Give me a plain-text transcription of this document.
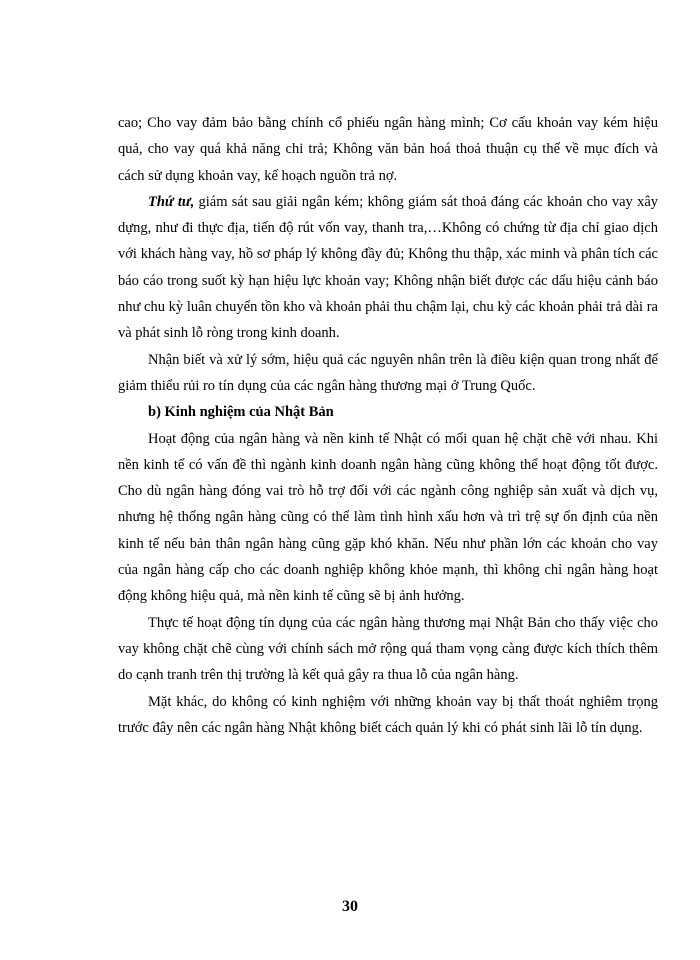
cao; Cho vay đảm bảo bằng chính cổ phiếu ngân hàng mình; Cơ cấu khoản vay kém hiệu quả, cho vay quá khả năng chi trả; Không văn bản hoá thoả thuận cụ thể về mục đích và cách sử dụng khoản vay, kế hoạch nguồn trả nợ.

Thứ tư, giám sát sau giải ngân kém; không giám sát thoả đáng các khoản cho vay xây dựng, như đi thực địa, tiến độ rút vốn vay, thanh tra,…Không có chứng từ địa chỉ giao dịch với khách hàng vay, hồ sơ pháp lý không đầy đủ; Không thu thập, xác minh và phân tích các báo cáo trong suốt kỳ hạn hiệu lực khoản vay; Không nhận biết được các dấu hiệu cảnh báo như chu kỳ luân chuyển tồn kho và khoản phải thu chậm lại, chu kỳ các khoản phải trả dài ra và phát sinh lỗ ròng trong kinh doanh.

Nhận biết và xử lý sớm, hiệu quả các nguyên nhân trên là điều kiện quan trong nhất để giảm thiểu rủi ro tín dụng của các ngân hàng thương mại ở Trung Quốc.

b) Kinh nghiệm của Nhật Bản

Hoạt động của ngân hàng và nền kinh tế Nhật có mối quan hệ chặt chẽ với nhau. Khi nền kinh tế có vấn đề thì ngành kinh doanh ngân hàng cũng không thể hoạt động tốt được. Cho dù ngân hàng đóng vai trò hỗ trợ đối với các ngành công nghiệp sản xuất và dịch vụ, nhưng hệ thống ngân hàng cũng có thể làm tình hình xấu hơn và trì trệ sự ổn định của nền kinh tế nếu bản thân ngân hàng cũng gặp khó khăn. Nếu như phần lớn các khoản cho vay của ngân hàng cấp cho các doanh nghiệp không khỏe mạnh, thì không chỉ ngân hàng hoạt động không hiệu quả, mà nền kinh tế cũng sẽ bị ảnh hưởng.

Thực tế hoạt động tín dụng của các ngân hàng thương mại Nhật Bản cho thấy việc cho vay không chặt chẽ cùng với chính sách mở rộng quá tham vọng càng được kích thích thêm do cạnh tranh trên thị trường là kết quả gây ra thua lỗ của ngân hàng.

Mặt khác, do không có kinh nghiệm với những khoản vay bị thất thoát nghiêm trọng trước đây nên các ngân hàng Nhật không biết cách quản lý khi có phát sinh lãi lỗ tín dụng.

30
